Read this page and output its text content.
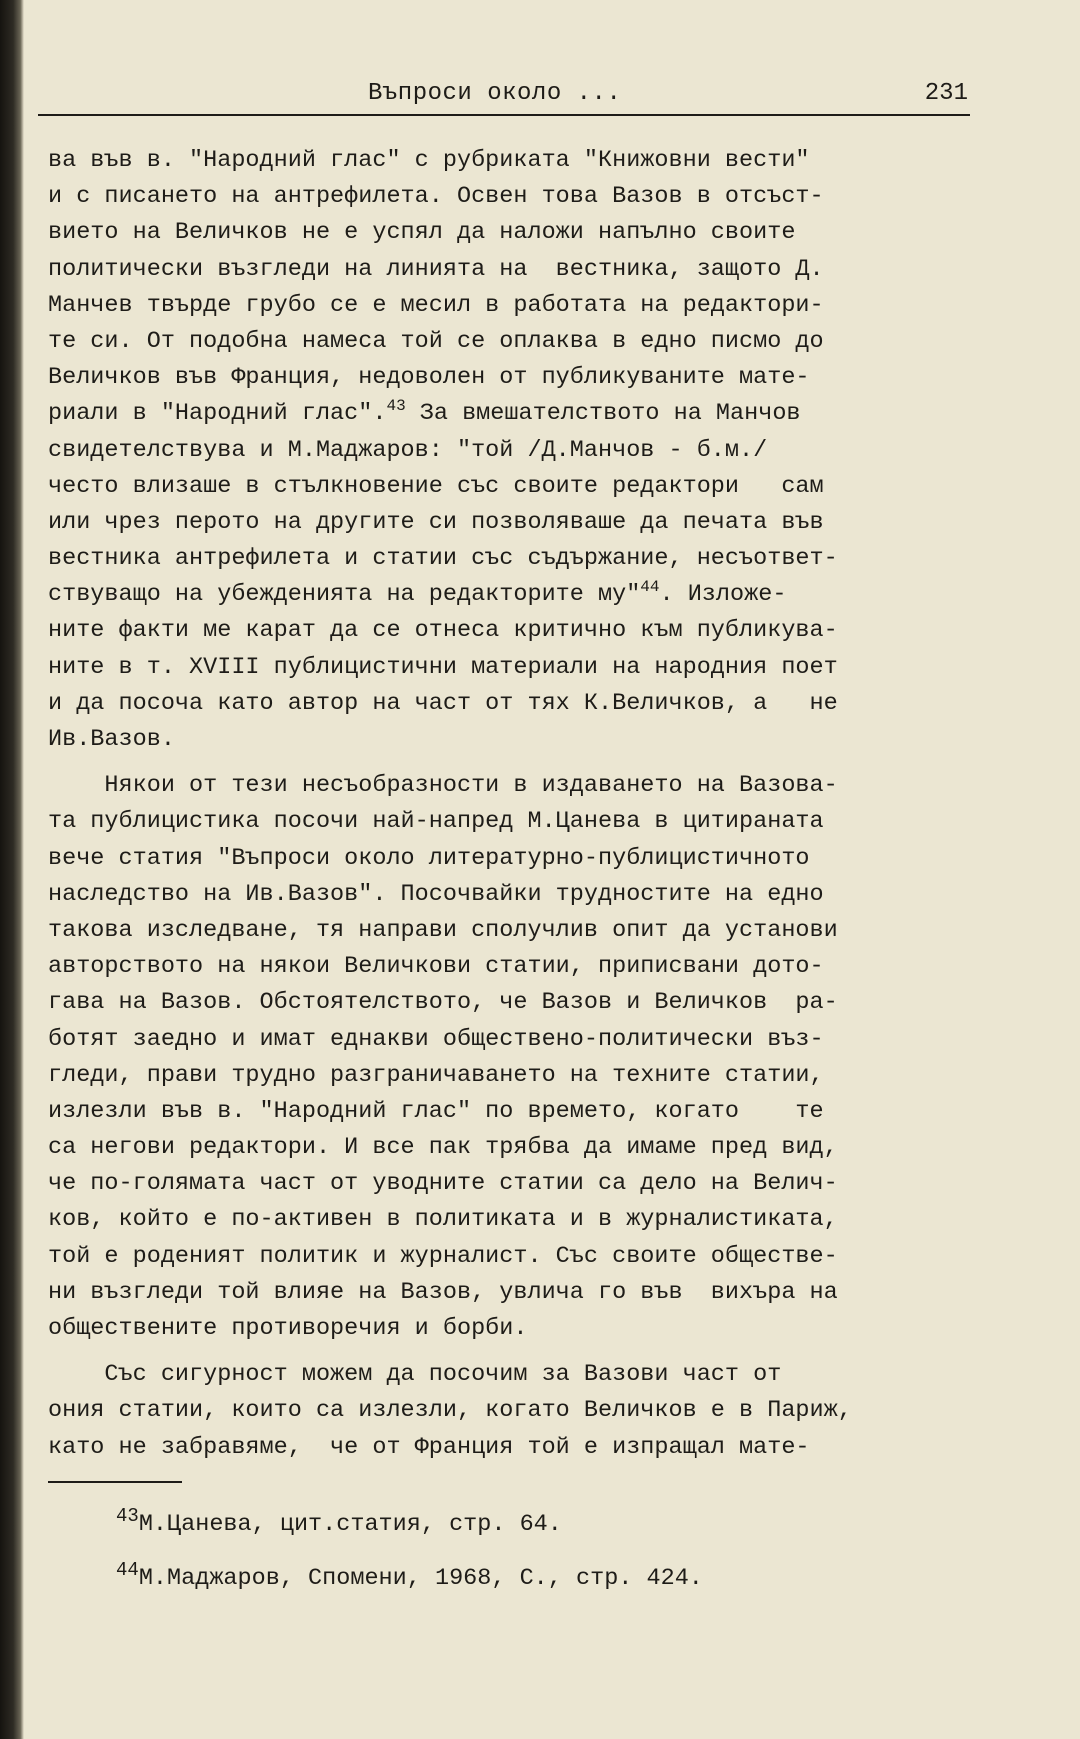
Въпроси около ...	231
ва във в. "Народний глас" с рубриката "Книжовни вести"
и с писането на антрефилета. Освен това Вазов в отсъст-
вието на Величков не е успял да наложи напълно своите
политически възгледи на линията на  вестника, защото Д.
Манчев твърде грубо се е месил в работата на редактори-
те си. От подобна намеса той се оплаква в едно писмо до
Величков във Франция, недоволен от публикуваните мате-
риали в "Народний глас".$^{43}$ За вмешателството на Манчов
свидетелствува и М.Маджаров: "той /Д.Манчов - б.м./
често влизаше в стълкновение със своите редактори   сам
или чрез перото на другите си позволяваше да печата във
вестника антрефилета и статии със съдържание, несъответ-
ствуващо на убежденията на редакторите му"$^{44}$. Изложе-
ните факти ме карат да се отнеса критично към публикува-
ните в т. XVIII публицистични материали на народния поет
и да посоча като автор на част от тях К.Величков, а   не
Ив.Вазов.
Някои от тези несъобразности в издаването на Вазова-
та публицистика посочи най-напред М.Цанева в цитираната
вече статия "Въпроси около литературно-публицистичното
наследство на Ив.Вазов". Посочвайки трудностите на едно
такова изследване, тя направи сполучлив опит да установи
авторството на някои Величкови статии, приписвани дото-
гава на Вазов. Обстоятелството, че Вазов и Величков  ра-
ботят заедно и имат еднакви обществено-политически въз-
гледи, прави трудно разграничаването на техните статии,
излезли във в. "Народний глас" по времето, когато    те
са негови редактори. И все пак трябва да имаме пред вид,
че по-голямата част от уводните статии са дело на Велич-
ков, който е по-активен в политиката и в журналистиката,
той е роденият политик и журналист. Със своите обществе-
ни възгледи той влияе на Вазов, увлича го във  вихъра на
обществените противоречия и борби.
Със сигурност можем да посочим за Вазови част от
ония статии, които са излезли, когато Величков е в Париж,
като не забравяме,  че от Франция той е изпращал мате-
$^{43}$М.Цанева, цит.статия, стр. 64.
$^{44}$М.Маджаров, Спомени, 1968, С., стр. 424.
